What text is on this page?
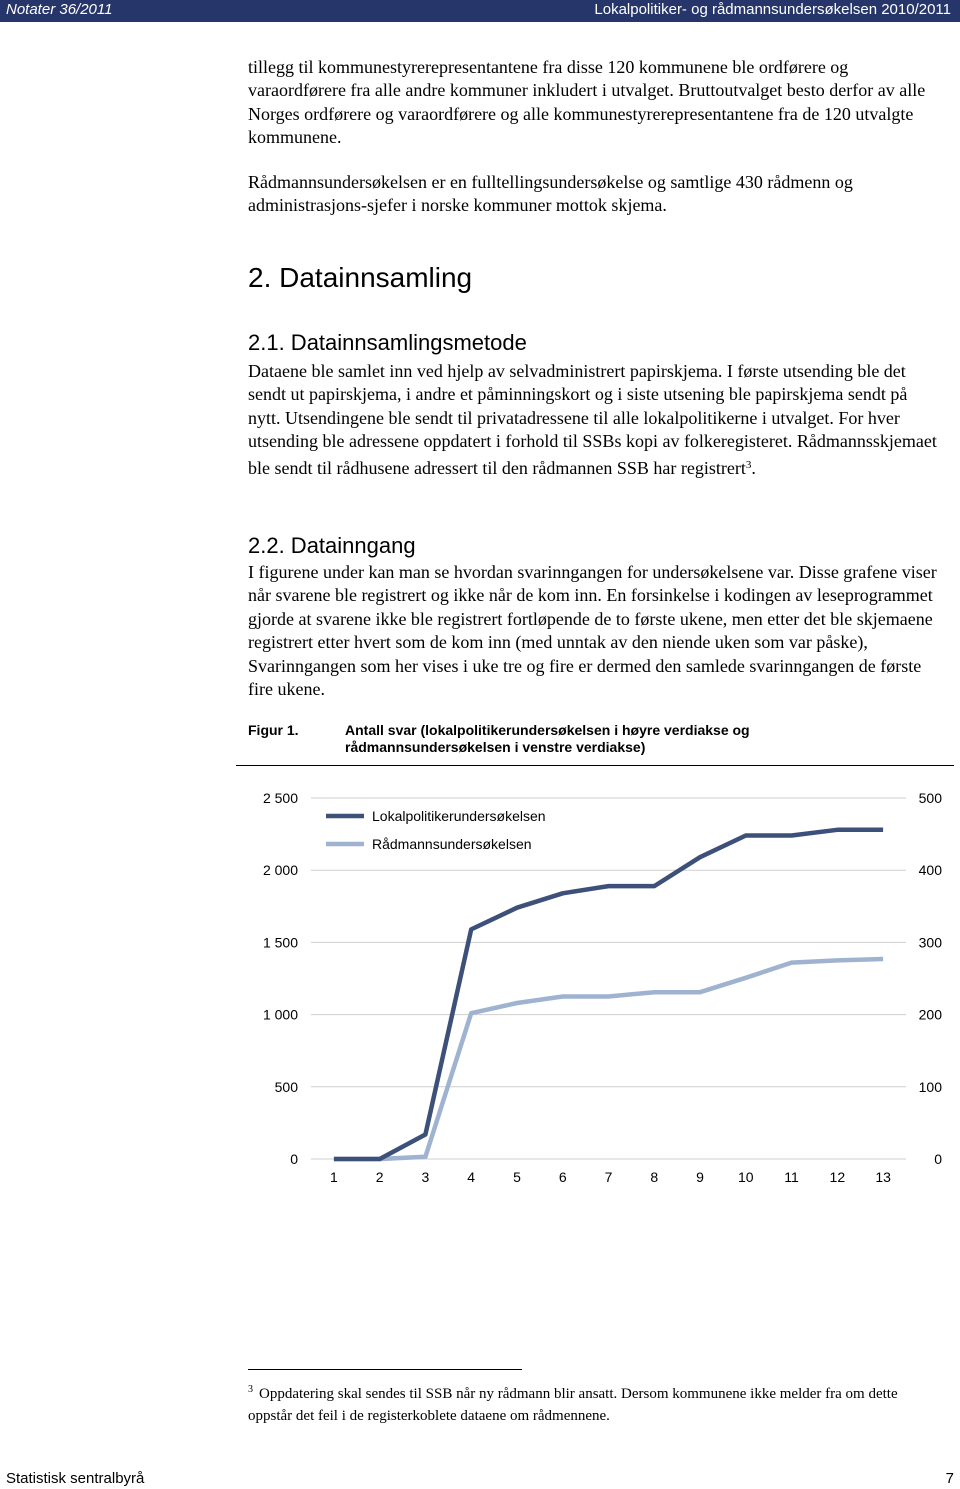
Notater 36/2011	Lokalpolitiker- og rådmannsundersøkelsen 2010/2011

tillegg til kommunestyrerepresentantene fra disse 120 kommunene ble ordførere og varaordførere fra alle andre kommuner inkludert i utvalget. Bruttoutvalget besto derfor av alle Norges ordførere og varaordførere og alle kommunestyrerepresentantene fra de 120 utvalgte kommunene.

Rådmannsundersøkelsen er en fulltellingsundersøkelse og samtlige 430 rådmenn og administrasjons-sjefer i norske kommuner mottok skjema.

2. Datainnsamling
2.1. Datainnsamlingsmetode

Dataene ble samlet inn ved hjelp av selvadministrert papirskjema. I første utsending ble det sendt ut papirskjema, i andre et påminningskort og i siste utsening ble papirskjema sendt på nytt. Utsendingene ble sendt til privatadressene til alle lokalpolitikerne i utvalget. For hver utsending ble adressene oppdatert i forhold til SSBs kopi av folkeregisteret. Rådmannsskjemaet ble sendt til rådhusene adressert til den rådmannen SSB har registrert$^3$.

2.2. Datainngang

I figurene under kan man se hvordan svarinngangen for undersøkelsene var. Disse grafene viser når svarene ble registrert og ikke når de kom inn. En forsinkelse i kodingen av leseprogrammet gjorde at svarene ikke ble registrert fortløpende de to første ukene, men etter det ble skjemaene registrert etter hvert som de kom inn (med unntak av den niende uken som var påske), Svarinngangen som her vises i uke tre og fire er dermed den samlede svarinngangen de første fire ukene.

Figur 1.	Antall svar (lokalpolitikerundersøkelsen i høyre verdiakse og rådmannsundersøkelsen i venstre verdiakse)
0
500
1 000
1 500
2 000
2 500
0
100
200
300
400
500
1	2	3	4	5	6	7	8	9 10 11 12 13
Lokalpolitikerundersøkelsen
Rådmannsundersøkelsen
$^3$ Oppdatering skal sendes til SSB når ny rådmann blir ansatt. Dersom kommunene ikke melder fra om dette oppstår det feil i de registerkoblete dataene om rådmennene.
Statistisk sentralbyrå	7
